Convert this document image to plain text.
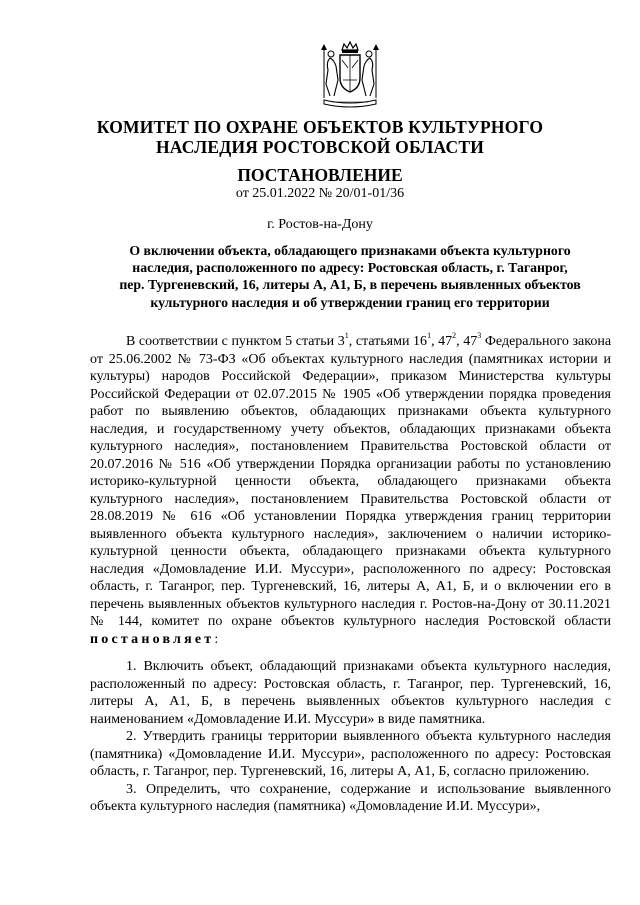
КОМИТЕТ ПО ОХРАНЕ ОБЪЕКТОВ КУЛЬТУРНОГО
НАСЛЕДИЯ РОСТОВСКОЙ ОБЛАСТИ
ПОСТАНОВЛЕНИЕ
от 25.01.2022 № 20/01-01/36
г. Ростов-на-Дону
О включении объекта, обладающего признаками объекта культурного
наследия, расположенного по адресу: Ростовская область, г. Таганрог,
пер. Тургеневский, 16, литеры А, А1, Б, в перечень выявленных объектов
культурного наследия и об утверждении границ его территории

В соответствии с пунктом 5 статьи $3^1$, статьями $16^1$, $47^2$, $47^3$ Федерального закона от 25.06.2002 № 73-ФЗ «Об объектах культурного наследия (памятниках истории и культуры) народов Российской Федерации», приказом Министерства культуры Российской Федерации от 02.07.2015 № 1905 «Об утверждении порядка проведения работ по выявлению объектов, обладающих признаками объекта культурного наследия, и государственному учету объектов, обладающих признаками объекта культурного наследия», постановлением Правительства Ростовской области от 20.07.2016 № 516 «Об утверждении Порядка организации работы по установлению историко-культурной ценности объекта, обладающего признаками объекта культурного наследия», постановлением Правительства Ростовской области от 28.08.2019 № 616 «Об установлении Порядка утверждения границ территории выявленного объекта культурного наследия», заключением о наличии историко-культурной ценности объекта, обладающего признаками объекта культурного наследия «Домовладение И.И. Муссури», расположенного по адресу: Ростовская область, г. Таганрог, пер. Тургеневский, 16, литеры А, А1, Б, и о включении его в перечень выявленных объектов культурного наследия г. Ростов-на-Дону от 30.11.2021 № 144, комитет по охране объектов культурного наследия Ростовской области постановляет:

1. Включить объект, обладающий признаками объекта культурного наследия, расположенный по адресу: Ростовская область, г. Таганрог, пер. Тургеневский, 16, литеры А, А1, Б, в перечень выявленных объектов культурного наследия с наименованием «Домовладение И.И. Муссури» в виде памятника.

2. Утвердить границы территории выявленного объекта культурного наследия (памятника) «Домовладение И.И. Муссури», расположенного по адресу: Ростовская область, г. Таганрог, пер. Тургеневский, 16, литеры А, А1, Б, согласно приложению.

3. Определить, что сохранение, содержание и использование выявленного объекта культурного наследия (памятника) «Домовладение И.И. Муссури»,
